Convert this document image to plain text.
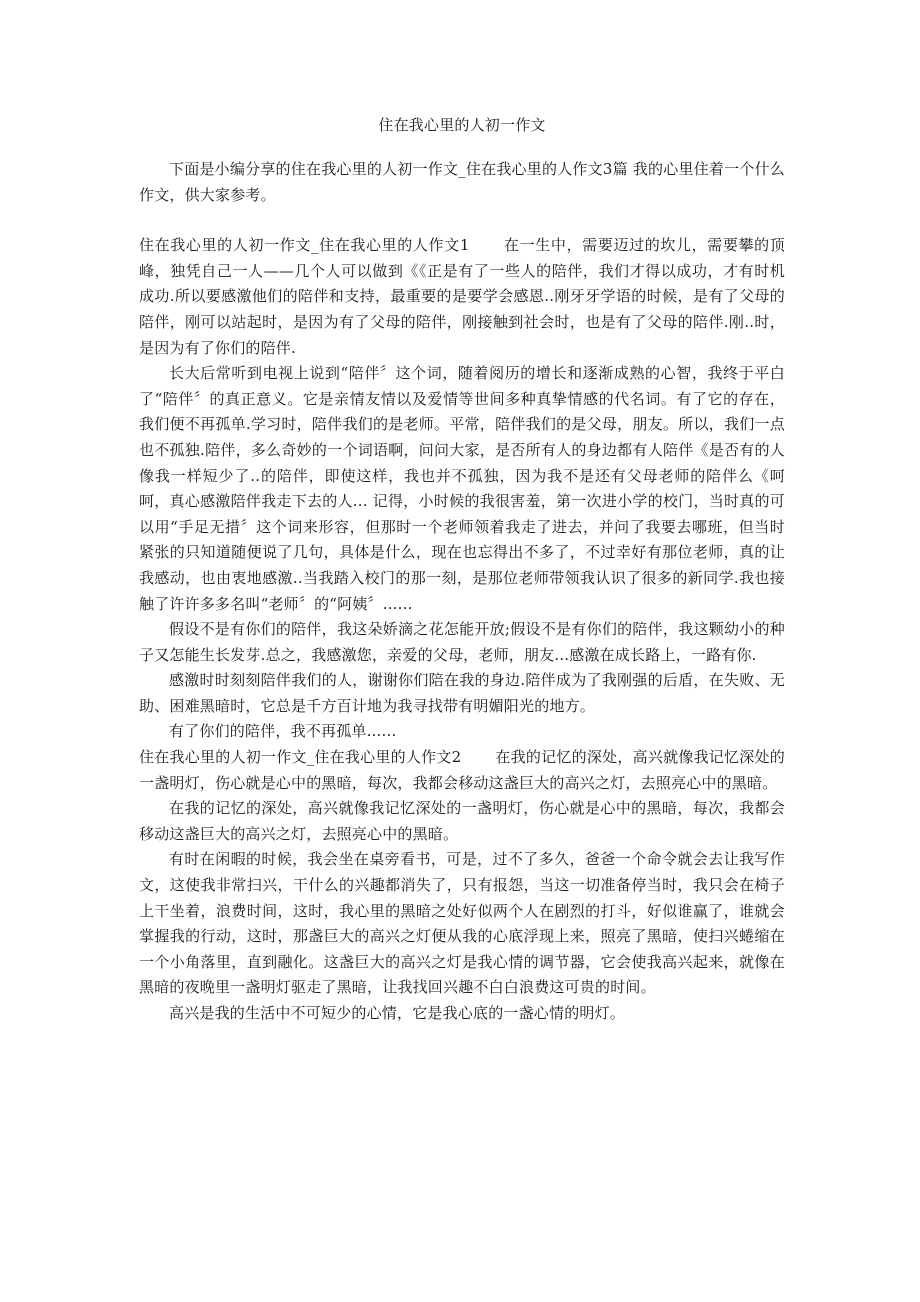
住在我心里的人初一作文

下面是小编分享的住在我心里的人初一作文_住在我心里的人作文3篇 我的心里住着一个什么作文，供大家参考。

住在我心里的人初一作文_住在我心里的人作文1 在一生中，需要迈过的坎儿，需要攀的顶峰，独凭自己一人——几个人可以做到《《正是有了一些人的陪伴，我们才得以成功，才有时机成功.所以要感激他们的陪伴和支持，最重要的是要学会感恩..刚牙牙学语的时候，是有了父母的陪伴，刚可以站起时，是因为有了父母的陪伴，刚接触到社会时，也是有了父母的陪伴.刚..时，是因为有了你们的陪伴.

长大后常听到电视上说到“陪伴〞这个词，随着阅历的增长和逐渐成熟的心智，我终于平白了“陪伴〞的真正意义。它是亲情友情以及爱情等世间多种真挚情感的代名词。有了它的存在，我们便不再孤单.学习时，陪伴我们的是老师。平常，陪伴我们的是父母，朋友。所以，我们一点也不孤独.陪伴，多么奇妙的一个词语啊，问问大家，是否所有人的身边都有人陪伴《是否有的人像我一样短少了..的陪伴，即使这样，我也并不孤独，因为我不是还有父母老师的陪伴么《呵呵，真心感激陪伴我走下去的人... 记得，小时候的我很害羞，第一次进小学的校门，当时真的可以用“手足无措〞这个词来形容，但那时一个老师领着我走了进去，并问了我要去哪班，但当时紧张的只知道随便说了几句，具体是什么，现在也忘得出不多了，不过幸好有那位老师，真的让我感动，也由衷地感激..当我踏入校门的那一刻，是那位老师带领我认识了很多的新同学.我也接触了许许多多名叫“老师〞的“阿姨〞......

假设不是有你们的陪伴，我这朵娇滴之花怎能开放;假设不是有你们的陪伴，我这颗幼小的种子又怎能生长发芽.总之，我感激您，亲爱的父母，老师，朋友...感激在成长路上，一路有你.

感激时时刻刻陪伴我们的人，谢谢你们陪在我的身边.陪伴成为了我刚强的后盾，在失败、无助、困难黑暗时，它总是千方百计地为我寻找带有明媚阳光的地方。

有了你们的陪伴，我不再孤单......

住在我心里的人初一作文_住在我心里的人作文2 在我的记忆的深处，高兴就像我记忆深处的一盏明灯，伤心就是心中的黑暗，每次，我都会移动这盏巨大的高兴之灯，去照亮心中的黑暗。

在我的记忆的深处，高兴就像我记忆深处的一盏明灯，伤心就是心中的黑暗，每次，我都会移动这盏巨大的高兴之灯，去照亮心中的黑暗。

有时在闲暇的时候，我会坐在桌旁看书，可是，过不了多久，爸爸一个命令就会去让我写作文，这使我非常扫兴，干什么的兴趣都消失了，只有报怨，当这一切准备停当时，我只会在椅子上干坐着，浪费时间，这时，我心里的黑暗之处好似两个人在剧烈的打斗，好似谁赢了，谁就会掌握我的行动，这时，那盏巨大的高兴之灯便从我的心底浮现上来，照亮了黑暗，使扫兴蜷缩在一个小角落里，直到融化。这盏巨大的高兴之灯是我心情的调节器，它会使我高兴起来，就像在黑暗的夜晚里一盏明灯驱走了黑暗，让我找回兴趣不白白浪费这可贵的时间。

高兴是我的生活中不可短少的心情，它是我心底的一盏心情的明灯。
